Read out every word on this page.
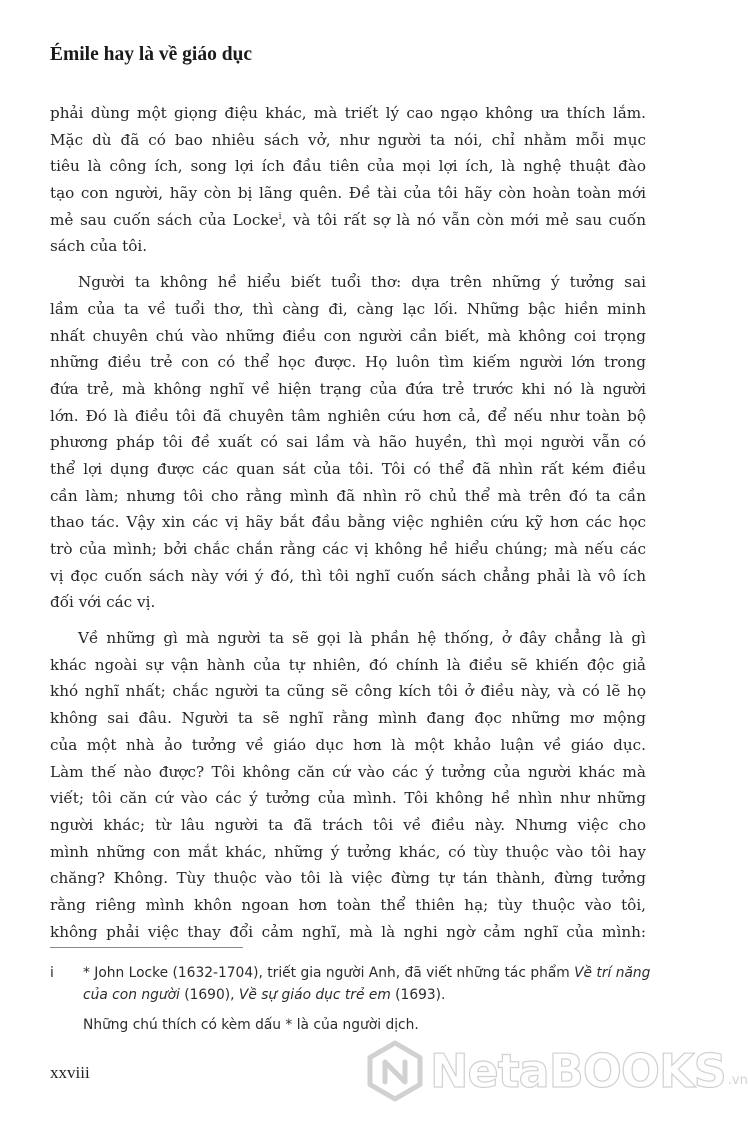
Émile hay là về giáo dục

phải dùng một giọng điệu khác, mà triết lý cao ngạo không ưa thích lắm.
Mặc dù đã có bao nhiêu sách vở, như người ta nói, chỉ nhằm mỗi mục
tiêu là công ích, song lợi ích đầu tiên của mọi lợi ích, là nghệ thuật đào
tạo con người, hãy còn bị lãng quên. Đề tài của tôi hãy còn hoàn toàn mới
mẻ sau cuốn sách của Locke$^i$, và tôi rất sợ là nó vẫn còn mới mẻ sau cuốn
sách của tôi.

Người ta không hề hiểu biết tuổi thơ: dựa trên những ý tưởng sai
lầm của ta về tuổi thơ, thì càng đi, càng lạc lối. Những bậc hiền minh
nhất chuyên chú vào những điều con người cần biết, mà không coi trọng
những điều trẻ con có thể học được. Họ luôn tìm kiếm người lớn trong
đứa trẻ, mà không nghĩ về hiện trạng của đứa trẻ trước khi nó là người
lớn. Đó là điều tôi đã chuyên tâm nghiên cứu hơn cả, để nếu như toàn bộ
phương pháp tôi đề xuất có sai lầm và hão huyền, thì mọi người vẫn có
thể lợi dụng được các quan sát của tôi. Tôi có thể đã nhìn rất kém điều
cần làm; nhưng tôi cho rằng mình đã nhìn rõ chủ thể mà trên đó ta cần
thao tác. Vậy xin các vị hãy bắt đầu bằng việc nghiên cứu kỹ hơn các học
trò của mình; bởi chắc chắn rằng các vị không hề hiểu chúng; mà nếu các
vị đọc cuốn sách này với ý đó, thì tôi nghĩ cuốn sách chẳng phải là vô ích
đối với các vị.

Về những gì mà người ta sẽ gọi là phần hệ thống, ở đây chẳng là gì
khác ngoài sự vận hành của tự nhiên, đó chính là điều sẽ khiến độc giả
khó nghĩ nhất; chắc người ta cũng sẽ công kích tôi ở điều này, và có lẽ họ
không sai đâu. Người ta sẽ nghĩ rằng mình đang đọc những mơ mộng
của một nhà ảo tưởng về giáo dục hơn là một khảo luận về giáo dục.
Làm thế nào được? Tôi không căn cứ vào các ý tưởng của người khác mà
viết; tôi căn cứ vào các ý tưởng của mình. Tôi không hề nhìn như những
người khác; từ lâu người ta đã trách tôi về điều này. Nhưng việc cho
mình những con mắt khác, những ý tưởng khác, có tùy thuộc vào tôi hay
chăng? Không. Tùy thuộc vào tôi là việc đừng tự tán thành, đừng tưởng
rằng riêng mình khôn ngoan hơn toàn thể thiên hạ; tùy thuộc vào tôi,
không phải việc thay đổi cảm nghĩ, mà là nghi ngờ cảm nghĩ của mình:

i * John Locke (1632-1704), triết gia người Anh, đã viết những tác phẩm Về trí năng
của con người (1690), Về sự giáo dục trẻ em (1693).
Những chú thích có kèm dấu * là của người dịch.
xxviii	NetaBOOKS .vn
